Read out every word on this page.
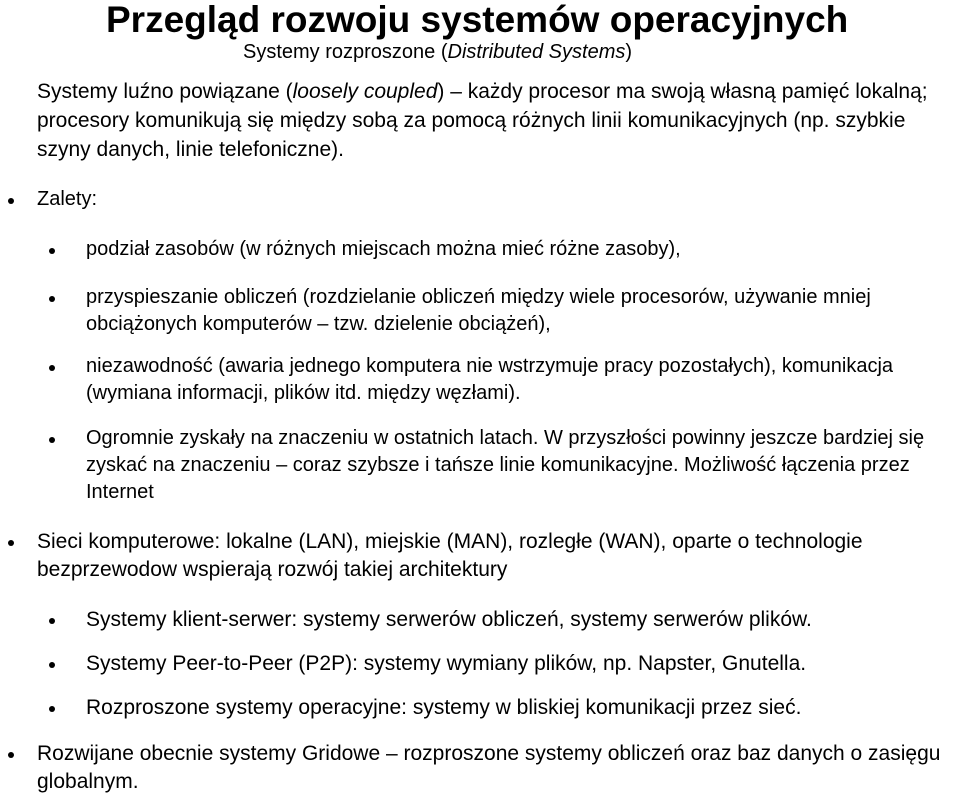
Przegląd rozwoju systemów operacyjnych
Systemy rozproszone (Distributed Systems)
Systemy luźno powiązane (loosely coupled) – każdy procesor ma swoją własną pamięć lokalną; procesory komunikują się między sobą za pomocą różnych linii komunikacyjnych (np. szybkie szyny danych, linie telefoniczne).
Zalety:
podział zasobów (w różnych miejscach można mieć różne zasoby),
przyspieszanie obliczeń (rozdzielanie obliczeń między wiele procesorów, używanie mniej obciążonych komputerów – tzw. dzielenie obciążeń),
niezawodność (awaria jednego komputera nie wstrzymuje pracy pozostałych), komunikacja (wymiana informacji, plików itd. między węzłami).
Ogromnie zyskały na znaczeniu w ostatnich latach. W przyszłości powinny jeszcze bardziej się zyskać na znaczeniu – coraz szybsze i tańsze linie komunikacyjne. Możliwość łączenia przez Internet
Sieci komputerowe: lokalne (LAN), miejskie (MAN), rozległe (WAN), oparte o technologie bezprzewodow wspierają rozwój takiej architektury
Systemy klient-serwer: systemy serwerów obliczeń, systemy serwerów plików.
Systemy Peer-to-Peer (P2P): systemy wymiany plików, np. Napster, Gnutella.
Rozproszone systemy operacyjne: systemy w bliskiej komunikacji przez sieć.
Rozwijane obecnie systemy Gridowe – rozproszone systemy obliczeń oraz baz danych o zasięgu globalnym.
